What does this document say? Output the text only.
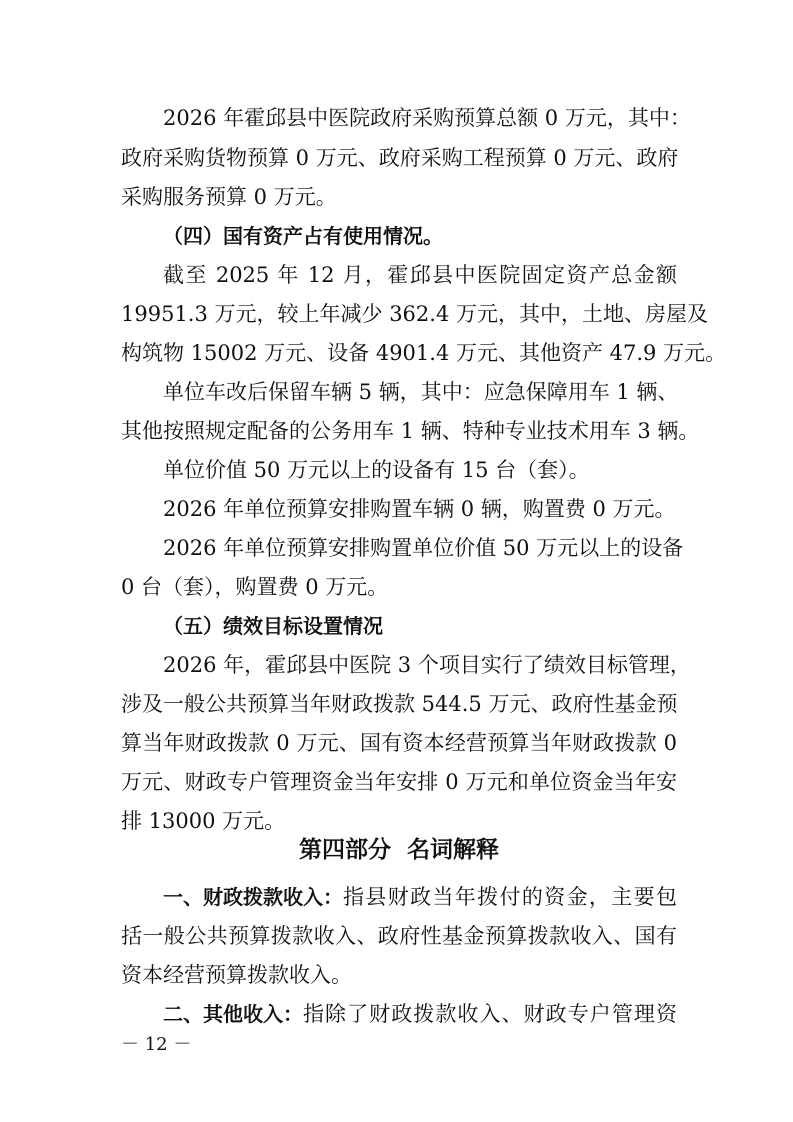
2026 年霍邱县中医院政府采购预算总额 0 万元，其中：
政府采购货物预算 0 万元、政府采购工程预算 0 万元、政府
采购服务预算 0 万元。
（四）国有资产占有使用情况。
截至 2025 年 12 月，霍邱县中医院固定资产总金额
19951.3 万元，较上年减少 362.4 万元，其中，土地、房屋及
构筑物 15002 万元、设备 4901.4 万元、其他资产 47.9 万元。
单位车改后保留车辆 5 辆，其中：应急保障用车 1 辆、
其他按照规定配备的公务用车 1 辆、特种专业技术用车 3 辆。
单位价值 50 万元以上的设备有 15 台（套）。
2026 年单位预算安排购置车辆 0 辆，购置费 0 万元。
2026 年单位预算安排购置单位价值 50 万元以上的设备
0 台（套），购置费 0 万元。
（五）绩效目标设置情况
2026 年，霍邱县中医院 3 个项目实行了绩效目标管理，
涉及一般公共预算当年财政拨款 544.5 万元、政府性基金预
算当年财政拨款 0 万元、国有资本经营预算当年财政拨款 0
万元、财政专户管理资金当年安排 0 万元和单位资金当年安
排 13000 万元。
第四部分  名词解释
一、财政拨款收入： 指县财政当年拨付的资金，主要包
括一般公共预算拨款收入、政府性基金预算拨款收入、国有
资本经营预算拨款收入。
二、其他收入： 指除了财政拨款收入、财政专户管理资
－ 12 －
